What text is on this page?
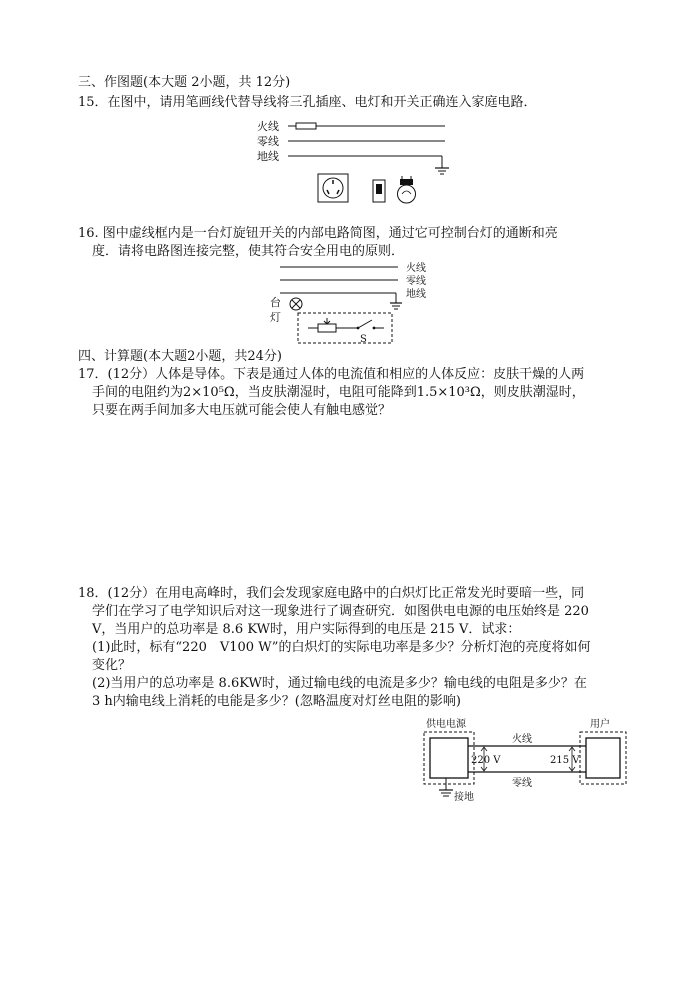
三、作图题(本大题 2小题，共 12分)
15．在图中，请用笔画线代替导线将三孔插座、电灯和开关正确连入家庭电路．
火线
零线
地线
16. 图中虚线框内是一台灯旋钮开关的内部电路简图，通过它可控制台灯的通断和亮
度．请将电路图连接完整，使其符合安全用电的原则．
火线
零线
地线
台
灯
S
四、计算题(本大题2小题，共24分)
17．(12分）人体是导体。下表是通过人体的电流值和相应的人体反应：皮肤干燥的人两
手间的电阻约为2×10⁵Ω，当皮肤潮湿时，电阻可能降到1.5×10³Ω，则皮肤潮湿时，
只要在两手间加多大电压就可能会使人有触电感觉？
18．(12分）在用电高峰时，我们会发现家庭电路中的白炽灯比正常发光时要暗一些，同
学们在学习了电学知识后对这一现象进行了调查研究．如图供电电源的电压始终是 220
V，当用户的总功率是 8.6 KW时，用户实际得到的电压是 215 V．试求：
(1)此时，标有“220　V100 W”的白炽灯的实际电功率是多少？分析灯泡的亮度将如何
变化？
(2)当用户的总功率是 8.6KW时，通过输电线的电流是多少？输电线的电阻是多少？在
3 h内输电线上消耗的电能是多少？(忽略温度对灯丝电阻的影响)
供电电源	用户
火线
零线
220 V	215 V
接地
